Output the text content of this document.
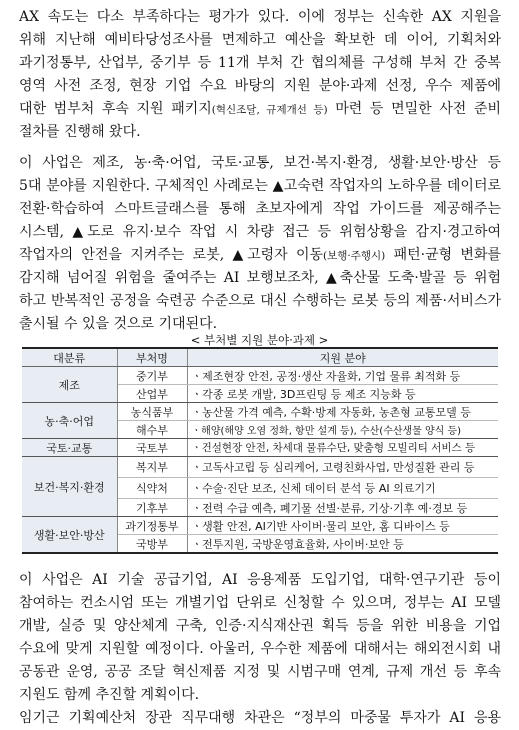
AX 속도는 다소 부족하다는 평가가 있다. 이에 정부는 신속한 AX 지원을
위해 지난해 예비타당성조사를 면제하고 예산을 확보한 데 이어, 기획처와
과기정통부, 산업부, 중기부 등 11개 부처 간 협의체를 구성해 부처 간 중복
영역 사전 조정, 현장 기업 수요 바탕의 지원 분야·과제 선정, 우수 제품에
대한 범부처 후속 지원 패키지(혁신조달, 규제개선 등) 마련 등 면밀한 사전 준비
절차를 진행해 왔다.
이 사업은 제조, 농·축·어업, 국토·교통, 보건·복지·환경, 생활·보안·방산 등
5대 분야를 지원한다. 구체적인 사례로는 ▲고숙련 작업자의 노하우를 데이터로
전환·학습하여 스마트글래스를 통해 초보자에게 작업 가이드를 제공해주는
시스템, ▲도로 유지·보수 작업 시 차량 접근 등 위험상황을 감지·경고하여
작업자의 안전을 지켜주는 로봇, ▲고령자 이동(보행·주행시) 패턴·균형 변화를
감지해 넘어질 위험을 줄여주는 AI 보행보조차, ▲축산물 도축·발골 등 위험
하고 반복적인 공정을 숙련공 수준으로 대신 수행하는 로봇 등의 제품·서비스가
출시될 수 있을 것으로 기대된다.
< 부처별 지원 분야·과제 >
대분류	부처명	지원 분야
제조	중기부	ㆍ제조현장 안전, 공정·생산 자율화, 기업 물류 최적화 등
	산업부	ㆍ각종 로봇 개발, 3D프린팅 등 제조 지능화 등
농·축·어업	농식품부	ㆍ농산물 가격 예측, 수확·방제 자동화, 농촌형 교통모델 등
	해수부	ㆍ해양(해양 오염 정화, 항만 설계 등), 수산(수산생물 양식 등)
국토·교통	국토부	ㆍ건설현장 안전, 차세대 물류수단, 맞춤형 모빌리티 서비스 등
보건·복지·환경	복지부	ㆍ고독사고립 등 심리케어, 고령친화사업, 만성질환 관리 등
	식약처	ㆍ수술·진단 보조, 신체 데이터 분석 등 AI 의료기기
	기후부	ㆍ전력 수급 예측, 폐기물 선별·분류, 기상·기후 예·경보 등
생활·보안·방산	과기정통부	ㆍ생활 안전, AI기반 사이버·물리 보안, 홈 디바이스 등
	국방부	ㆍ전투지원, 국방운영효율화, 사이버·보안 등
이 사업은 AI 기술 공급기업, AI 응용제품 도입기업, 대학·연구기관 등이
참여하는 컨소시엄 또는 개별기업 단위로 신청할 수 있으며, 정부는 AI 모델
개발, 실증 및 양산체계 구축, 인증·지식재산권 획득 등을 위한 비용을 기업
수요에 맞게 지원할 예정이다. 아울러, 우수한 제품에 대해서는 해외전시회 내
공동관 운영, 공공 조달 혁신제품 지정 및 시범구매 연계, 규제 개선 등 후속
지원도 함께 추진할 계획이다.
임기근 기획예산처 장관 직무대행 차관은 “정부의 마중물 투자가 AI 응용
